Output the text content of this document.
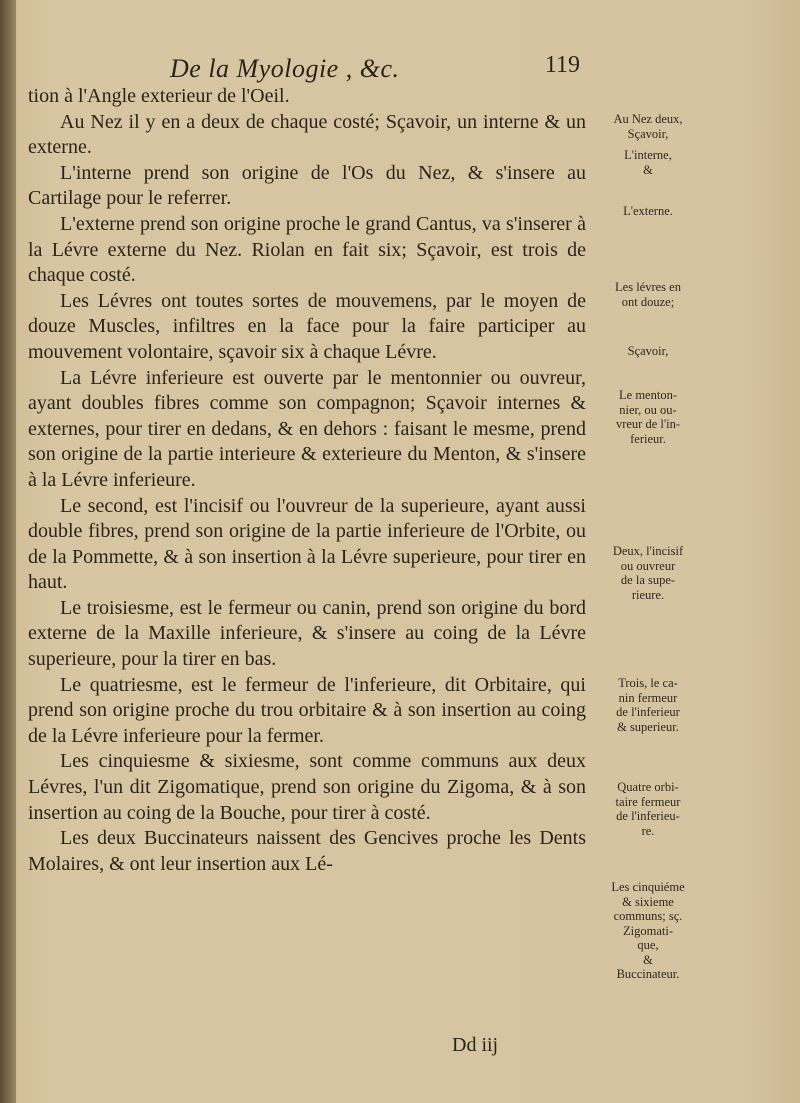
De la Myologie , &c.	119

tion à l'Angle exterieur de l'Oeil.

Au Nez il y en a deux de chaque costé; Sçavoir, un interne & un externe.

L'interne prend son origine de l'Os du Nez, & s'insere au Cartilage pour le referrer.

L'externe prend son origine proche le grand Cantus, va s'inserer à la Lévre externe du Nez. Riolan en fait six; Sçavoir, est trois de chaque costé.

Les Lévres ont toutes sortes de mouvemens, par le moyen de douze Muscles, infiltres en la face pour la faire participer au mouvement volontaire, sçavoir six à chaque Lévre.

La Lévre inferieure est ouverte par le mentonnier ou ouvreur, ayant doubles fibres comme son compagnon; Sçavoir internes & externes, pour tirer en dedans, & en dehors : faisant le mesme, prend son origine de la partie interieure & exterieure du Menton, & s'insere à la Lévre inferieure.

Le second, est l'incisif ou l'ouvreur de la superieure, ayant aussi double fibres, prend son origine de la partie inferieure de l'Orbite, ou de la Pommette, & à son insertion à la Lévre superieure, pour tirer en haut.

Le troisiesme, est le fermeur ou canin, prend son origine du bord externe de la Maxille inferieure, & s'insere au coing de la Lévre superieure, pour la tirer en bas.

Le quatriesme, est le fermeur de l'inferieure, dit Orbitaire, qui prend son origine proche du trou orbitaire & à son insertion au coing de la Lévre inferieure pour la fermer.

Les cinquiesme & sixiesme, sont comme communs aux deux Lévres, l'un dit Zigomatique, prend son origine du Zigoma, & à son insertion au coing de la Bouche, pour tirer à costé.

Les deux Buccinateurs naissent des Gencives proche les Dents Molaires, & ont leur insertion aux Lé-

Dd iij
Au Nez deux,
Sçavoir,
L'interne,
&
L'externe.
Les lévres en
ont douze;
Sçavoir,
Le menton-
nier, ou ou-
vreur de l'in-
ferieur.
Deux, l'incisif
ou ouvreur
de la supe-
rieure.
Trois, le ca-
nin fermeur
de l'inferieur
& superieur.
Quatre orbi-
taire fermeur
de l'inferieu-
re.
Les cinquiéme
& sixieme
communs; sç.
Zigomati-
que,
&
Buccinateur.
